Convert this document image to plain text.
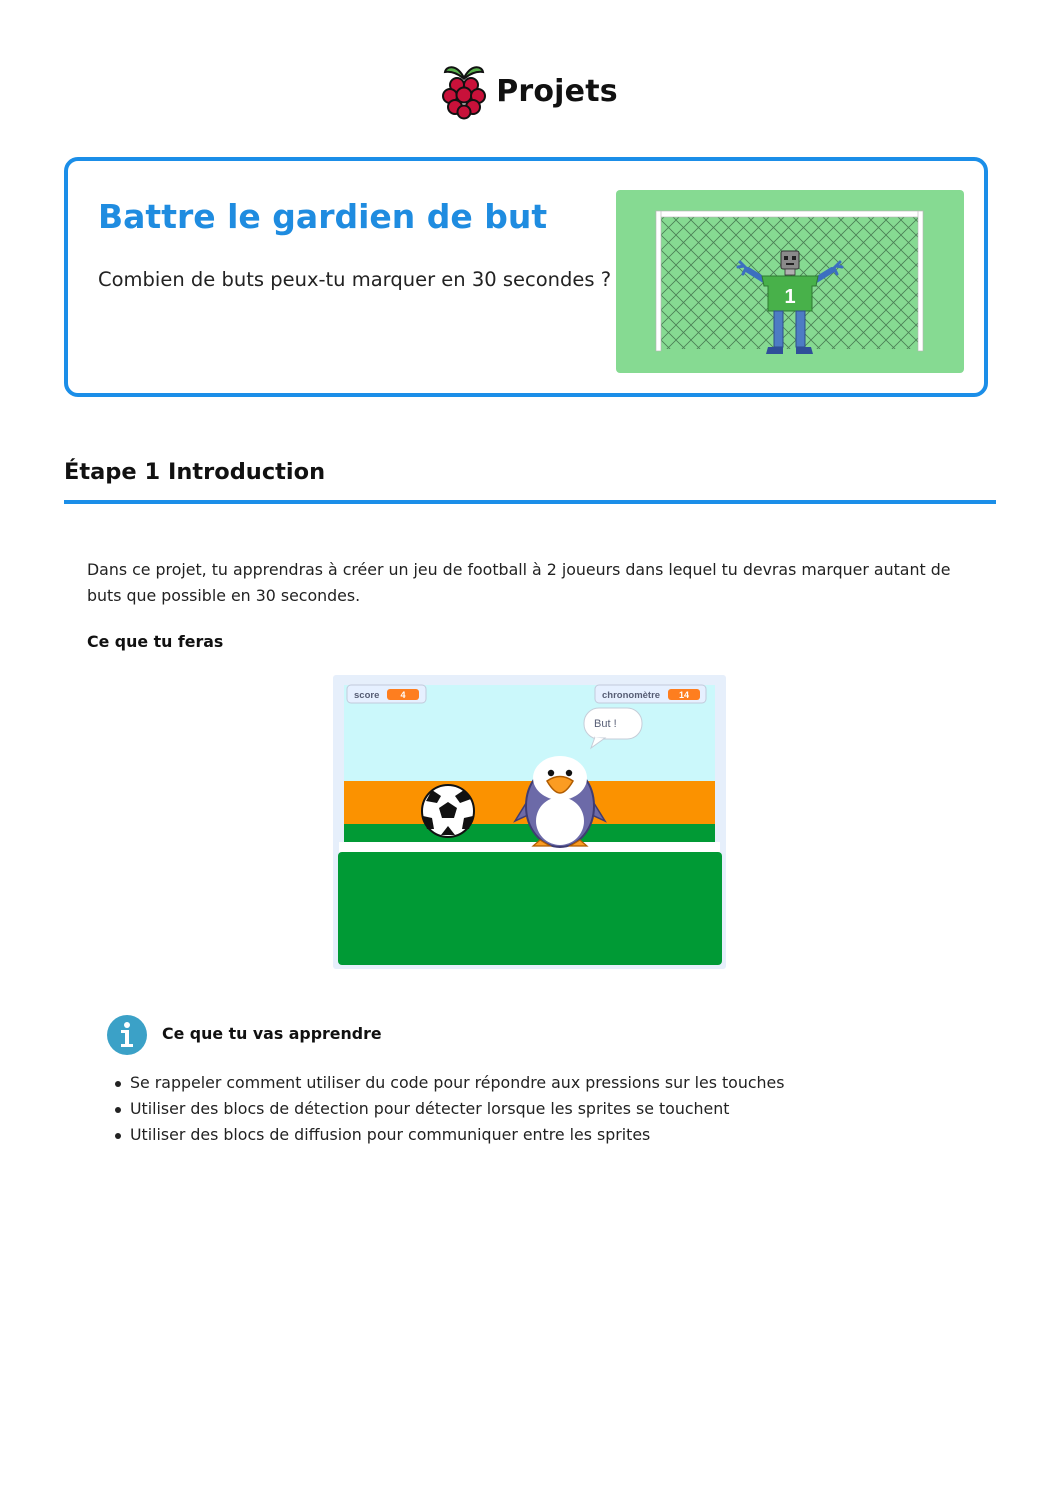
Projets
Battre le gardien de but

Combien de buts peux-tu marquer en 30 secondes ?

1
Étape 1 Introduction

Dans ce projet, tu apprendras à créer un jeu de football à 2 joueurs dans lequel tu devras marquer autant de buts que possible en 30 secondes.

Ce que tu feras
score 4	chronomètre 14
But !
Ce que tu vas apprendre
Se rappeler comment utiliser du code pour répondre aux pressions sur les touches
Utiliser des blocs de détection pour détecter lorsque les sprites se touchent
Utiliser des blocs de diffusion pour communiquer entre les sprites
